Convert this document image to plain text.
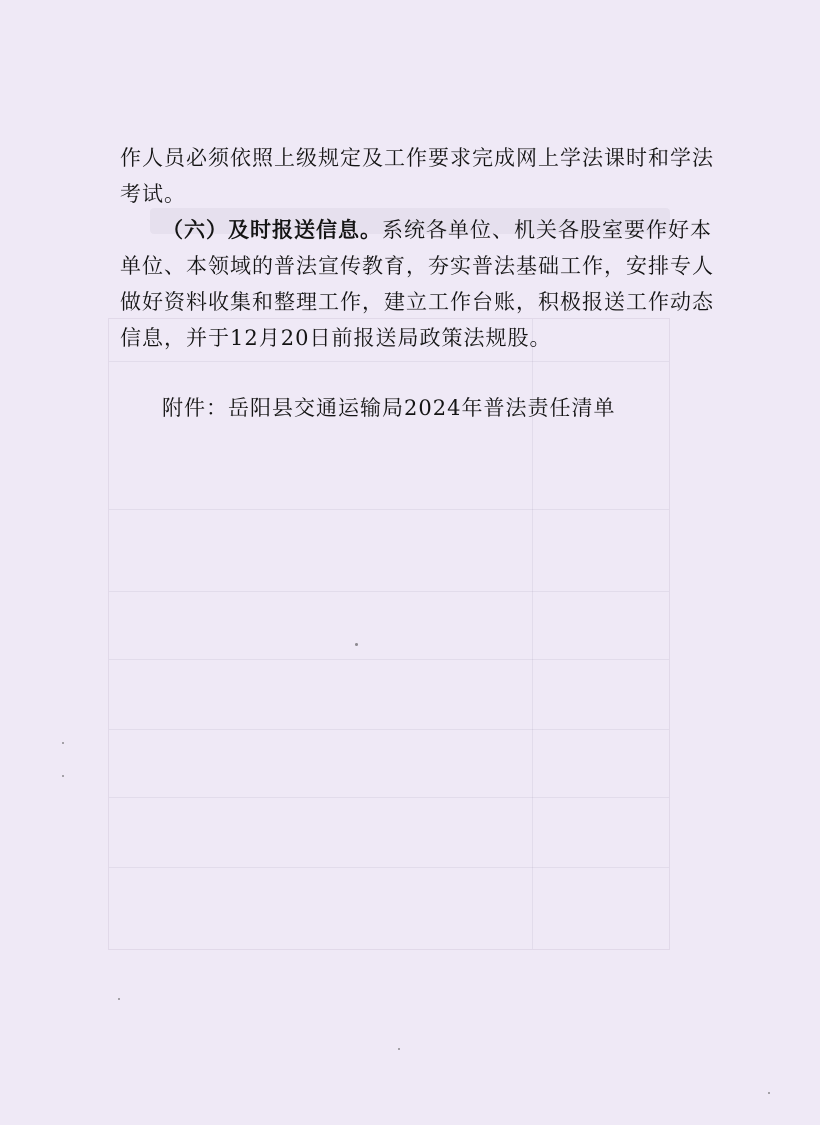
作人员必须依照上级规定及工作要求完成网上学法课时和学法考试。

（六）及时报送信息。系统各单位、机关各股室要作好本单位、本领域的普法宣传教育，夯实普法基础工作，安排专人做好资料收集和整理工作，建立工作台账，积极报送工作动态信息，并于12月20日前报送局政策法规股。

附件：岳阳县交通运输局2024年普法责任清单
